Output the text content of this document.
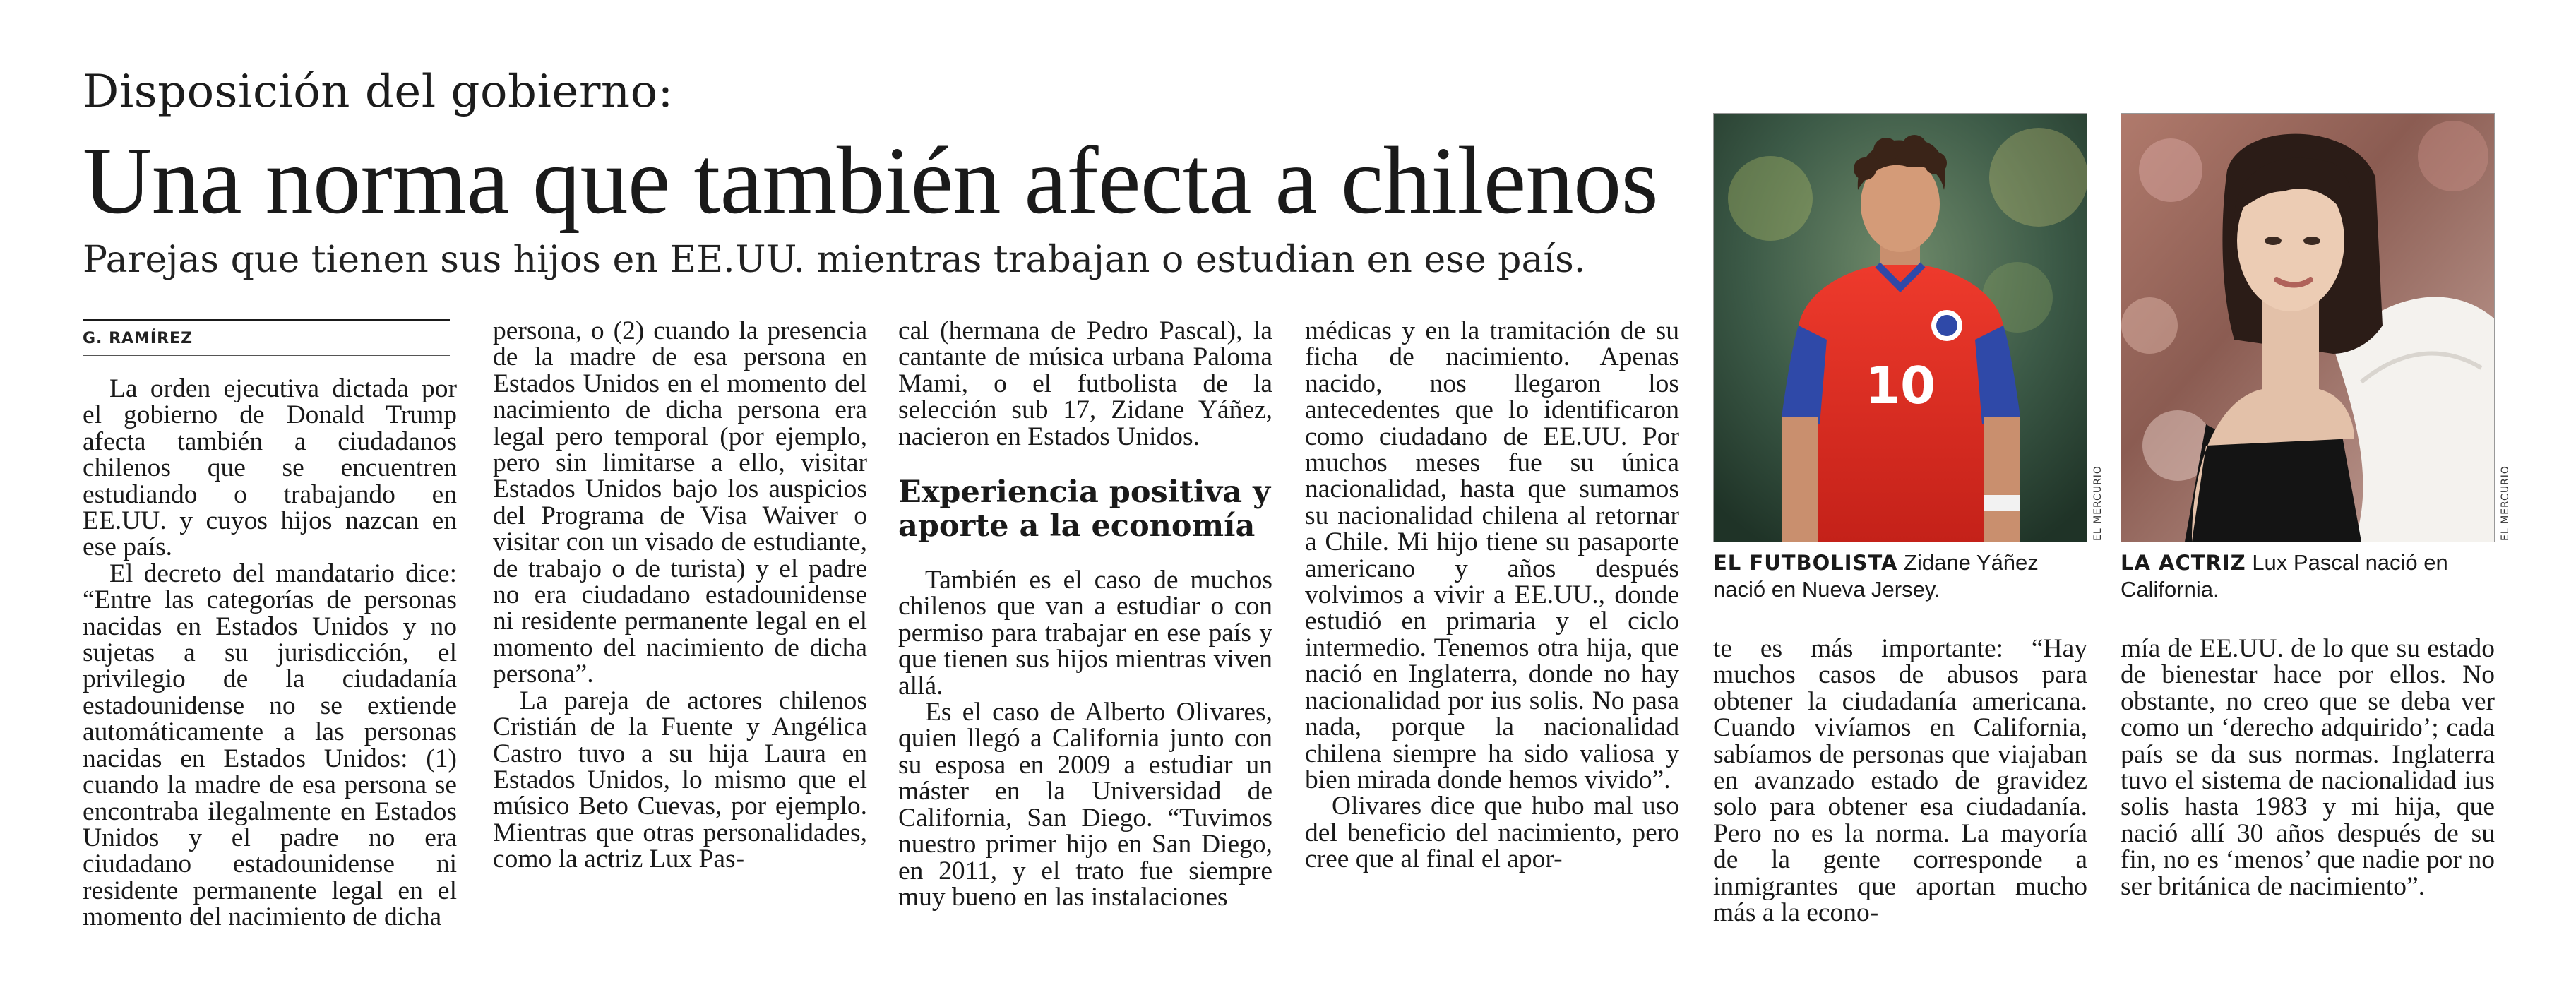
Disposición del gobierno:
Una norma que también afecta a chilenos
Parejas que tienen sus hijos en EE.UU. mientras trabajan o estudian en ese país.
G. RAMÍREZ

La orden ejecutiva dictada por el gobierno de Donald Trump afecta también a ciudadanos chilenos que se encuentren estudiando o trabajando en EE.UU. y cuyos hijos nazcan en ese país.

El decreto del mandatario dice: “Entre las categorías de personas nacidas en Estados Unidos y no sujetas a su jurisdicción, el privilegio de la ciudadanía estadounidense no se extiende automáticamente a las personas nacidas en Estados Unidos: (1) cuando la madre de esa persona se encontraba ilegalmente en Estados Unidos y el padre no era ciudadano estadounidense ni residente permanente legal en el momento del nacimiento de dicha

persona, o (2) cuando la presencia de la madre de esa persona en Estados Unidos en el momento del nacimiento de dicha persona era legal pero temporal (por ejemplo, pero sin limitarse a ello, visitar Estados Unidos bajo los auspicios del Programa de Visa Waiver o visitar con un visado de estudiante, de trabajo o de turista) y el padre no era ciudadano estadounidense ni residente permanente legal en el momento del nacimiento de dicha persona”.

La pareja de actores chilenos Cristián de la Fuente y Angélica Castro tuvo a su hija Laura en Estados Unidos, lo mismo que el músico Beto Cuevas, por ejemplo. Mientras que otras personalidades, como la actriz Lux Pas-

cal (hermana de Pedro Pascal), la cantante de música urbana Paloma Mami, o el futbolista de la selección sub 17, Zidane Yáñez, nacieron en Estados Unidos.

Experiencia positiva y aporte a la economía

También es el caso de muchos chilenos que van a estudiar o con permiso para trabajar en ese país y que tienen sus hijos mientras viven allá.

Es el caso de Alberto Olivares, quien llegó a California junto con su esposa en 2009 a estudiar un máster en la Universidad de California, San Diego. “Tuvimos nuestro primer hijo en San Diego, en 2011, y el trato fue siempre muy bueno en las instalaciones

médicas y en la tramitación de su ficha de nacimiento. Apenas nacido, nos llegaron los antecedentes que lo identificaron como ciudadano de EE.UU. Por muchos meses fue su única nacionalidad, hasta que sumamos su nacionalidad chilena al retornar a Chile. Mi hijo tiene su pasaporte americano y años después volvimos a vivir a EE.UU., donde estudió en primaria y el ciclo intermedio. Tenemos otra hija, que nació en Inglaterra, donde no hay nacionalidad por ius solis. No pasa nada, porque la nacionalidad chilena siempre ha sido valiosa y bien mirada donde hemos vivido”.

Olivares dice que hubo mal uso del beneficio del nacimiento, pero cree que al final el apor-

te es más importante: “Hay muchos casos de abusos para obtener la ciudadanía americana. Cuando vivíamos en California, sabíamos de personas que viajaban en avanzado estado de gravidez solo para obtener esa ciudadanía. Pero no es la norma. La mayoría de la gente corresponde a inmigrantes que aportan mucho más a la econo-

mía de EE.UU. de lo que su estado de bienestar hace por ellos. No obstante, no creo que se deba ver como un ‘derecho adquirido’; cada país se da sus normas. Inglaterra tuvo el sistema de nacionalidad ius solis hasta 1983 y mi hija, que nació allí 30 años después de su fin, no es ‘menos’ que nadie por no ser británica de nacimiento”.

10
EL MERCURIO	EL MERCURIO
EL FUTBOLISTA Zidane Yáñez nació en Nueva Jersey.
LA ACTRIZ Lux Pascal nació en California.
